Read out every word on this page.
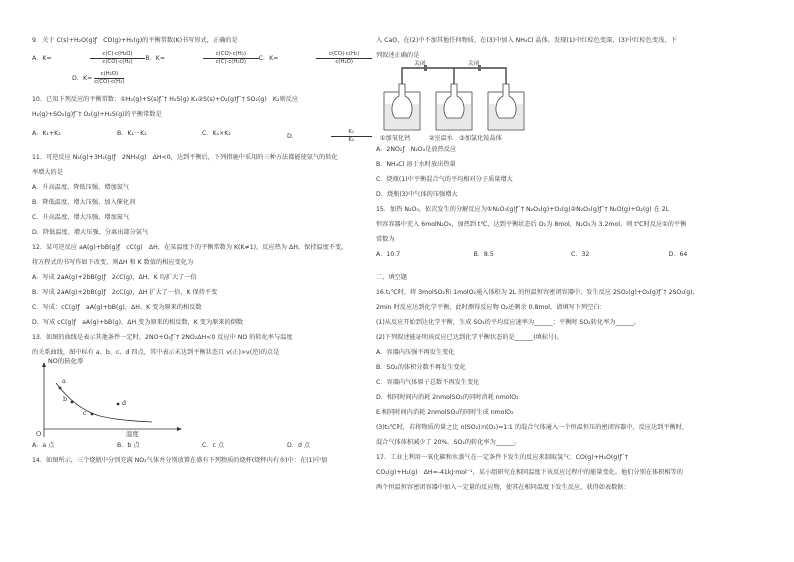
9．关于 C(s)+H₂O(g)ƒ　CO(g)+H₂(g)的平衡常数(K)书写形式，正确的是

A．K=	$\frac{\text{c(C)·c(H₂O)}}{\text{c(CO)·c(H₂)}}$ B．K=	$\frac{\text{c(CO)·c(H₂)}}{\text{c(C)·c(H₂O)}}$ C．K=	$\frac{\text{c(CO)·c(H₂)}}{\text{c(H₂O)}}$
D．$K= \frac{\text{c(H₂O)}}{\text{c(CO)·c(H₂)}}$

10．已知下列反应的平衡常数：①H₂(g)+S(s)ƒ¯† H₂S(g) K₁②S(s)+O₂(g)ƒ¯† SO₂(g)　K₂则反应

H₂(g)+SO₂(g)ƒ¯† O₂(g)+H₂S(g)的平衡常数是

A．K₁+K₂	B．K₁－K₂	C．K₁×K₂	D．	$\frac{\text{K₁}}{\text{K₂}}$

11．可逆反应 N₂(g)+3H₂(g)ƒ　2NH₃(g)　ΔH<0，达到平衡后，下列措施中采用的三种方法都能使氨气的转化

率增大的是

A．升高温度、降低压强、增加氮气

B．降低温度、增大压强、加入催化剂

C．升高温度、增大压强、增加氮气

D．降低温度、增大压强、分离出部分氨气

12．某可逆反应 aA(g)+bB(g)ƒ　cC(g)　ΔH，在某温度下的平衡常数为 K(K≠1)，反应热为 ΔH。保持温度不变，

将方程式的书写作如下改变，则ΔH 和 K 数值的相应变化为

A．写成 2aA(g)+2bB(g)ƒ　2cC(g)，ΔH、K 均扩大了一倍

B．写成 2aA(g)+2bB(g)ƒ　2cC(g)，ΔH 扩大了一倍，K 保持不变

C．写成：cC(g)ƒ　aA(g)+bB(g)，ΔH、K 变为原来的相反数

D．写成 cC(g)ƒ　aA(g)+bB(g)，ΔH 变为原来的相反数，K 变为原来的倒数

13．如图的曲线是表示其他条件一定时，2NO+O₂ƒ¯† 2NO₂ΔH<0 反应中 NO 的转化率与温度

的关系曲线，图中标有 a、b、c、d 四点，其中表示未达到平衡状态且 v(正)>v(逆)的点是

NO的转化率
a
b
c
d
O	温度
A．a 点	B．b 点	C．c 点	D．d 点

14．如图所示，三个烧瓶中分别充满 NO₂气体并分别放置在盛有下列物质的烧杯(烧杯内有水)中：在(1)中加

入 CaO，在(2)中不加其他任何物质，在(3)中加入 NH₄Cl 晶体，发现(1)中红棕色变深，(3)中红棕色变浅，下

列叙述正确的是

关闭	关闭

①加氧化钙　　　②室温水　③加氯化铵晶体

A．2NO₂ƒ　N₂O₄是放热反应

B．NH₄Cl 溶于水时放出热量

C．烧瓶(1)中平衡混合气的平均相对分子质量增大

D．烧瓶(3)中气体的压强增大

15．加热 N₂O₅，依次发生的分解反应为①N₂O₅(g)ƒ¯† N₂O₃(g)+O₂(g)②N₂O₃(g)ƒ¯† N₂O(g)+O₂(g) 在 2L

恒容容器中充入 6molN₂O₅，加热到 t℃，达到平衡状态后 O₂为 8mol，N₂O₃为 3.2mol。则 t℃时反应①的平衡

常数为

A．10.7	B．8.5	C．32	D．64

二、填空题

16.t₁℃时，将 3molSO₂和 1molO₂通入体积为 2L 的恒温恒容密闭容器中，发生反应 2SO₂(g)+O₂(g)ƒ¯† 2SO₃(g)，

2min 时反应达到化学平衡，此时测得反应物 O₂还剩余 0.8mol，请填写下列空白：

(1)从反应开始到达化学平衡，生成 SO₃的平均反应速率为______；平衡时 SO₂转化率为______。

(2)下列叙述能证明该反应已达到化学平衡状态的是______(填标号)。

A．容器内压强不再发生变化

B．SO₂的体积分数不再发生变化

C．容器内气体原子总数不再发生变化

D．相同时间内消耗 2nmolSO₂的同时消耗 nmolO₂

E.相同时间内消耗 2nmolSO₂的同时生成 nmolO₂

(3)t₂℃时，若将物质的量之比 n(SO₂)∶n(O₂)=1∶1 的混合气体通入一个恒温恒压的密闭容器中，反应达到平衡时，

混合气体体积减少了 20%。SO₂的转化率为______。

17．工业上利用一氧化碳和水蒸气在一定条件下发生的反应来制取氢气：CO(g)+H₂O(g)ƒ¯†

CO₂(g)+H₂(g)　ΔH=-41kJ·mol⁻¹，某小组研究在相同温度下该反应过程中的能量变化。他们分别在体积相等的

两个恒温恒容密闭容器中加入一定量的反应物，使其在相同温度下发生反应，获得如表数据：
